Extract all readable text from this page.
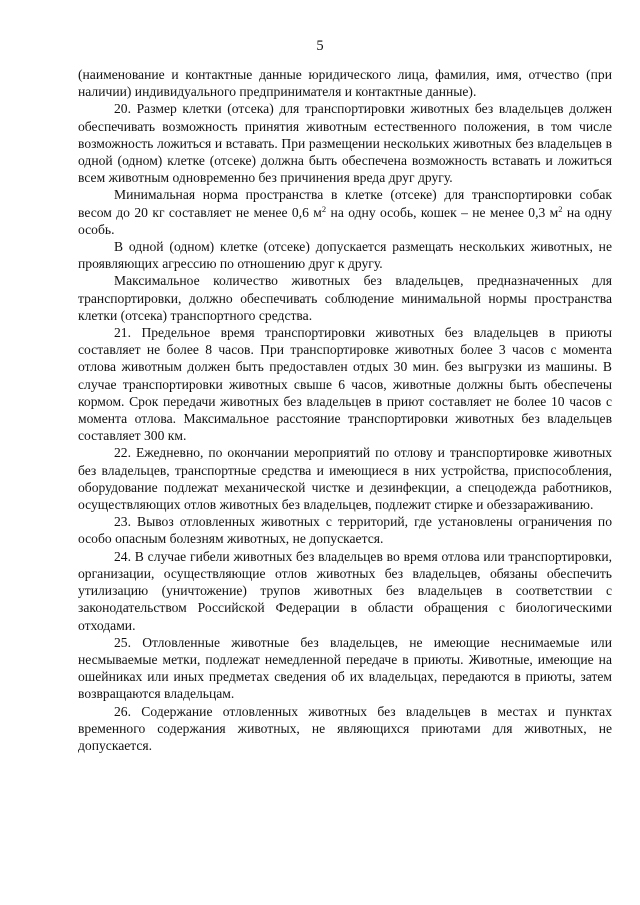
5

(наименование и контактные данные юридического лица, фамилия, имя, отчество (при наличии) индивидуального предпринимателя и контактные данные).

20. Размер клетки (отсека) для транспортировки животных без владельцев должен обеспечивать возможность принятия животным естественного положения, в том числе возможность ложиться и вставать. При размещении нескольких животных без владельцев в одной (одном) клетке (отсеке) должна быть обеспечена возможность вставать и ложиться всем животным одновременно без причинения вреда друг другу.

Минимальная норма пространства в клетке (отсеке) для транспортировки собак весом до 20 кг составляет не менее 0,6 $м^2$ на одну особь, кошек – не менее 0,3 $м^2$ на одну особь.

В одной (одном) клетке (отсеке) допускается размещать нескольких животных, не проявляющих агрессию по отношению друг к другу.

Максимальное количество животных без владельцев, предназначенных для транспортировки, должно обеспечивать соблюдение минимальной нормы пространства клетки (отсека) транспортного средства.

21. Предельное время транспортировки животных без владельцев в приюты составляет не более 8 часов. При транспортировке животных более 3 часов с момента отлова животным должен быть предоставлен отдых 30 мин. без выгрузки из машины. В случае транспортировки животных свыше 6 часов, животные должны быть обеспечены кормом. Срок передачи животных без владельцев в приют составляет не более 10 часов с момента отлова. Максимальное расстояние транспортировки животных без владельцев составляет 300 км.

22. Ежедневно, по окончании мероприятий по отлову и транспортировке животных без владельцев, транспортные средства и имеющиеся в них устройства, приспособления, оборудование подлежат механической чистке и дезинфекции, а спецодежда работников, осуществляющих отлов животных без владельцев, подлежит стирке и обеззараживанию.

23. Вывоз отловленных животных с территорий, где установлены ограничения по особо опасным болезням животных, не допускается.

24. В случае гибели животных без владельцев во время отлова или транспортировки, организации, осуществляющие отлов животных без владельцев, обязаны обеспечить утилизацию (уничтожение) трупов животных без владельцев в соответствии с законодательством Российской Федерации в области обращения с биологическими отходами.

25. Отловленные животные без владельцев, не имеющие неснимаемые или несмываемые метки, подлежат немедленной передаче в приюты. Животные, имеющие на ошейниках или иных предметах сведения об их владельцах, передаются в приюты, затем возвращаются владельцам.

26. Содержание отловленных животных без владельцев в местах и пунктах временного содержания животных, не являющихся приютами для животных, не допускается.
